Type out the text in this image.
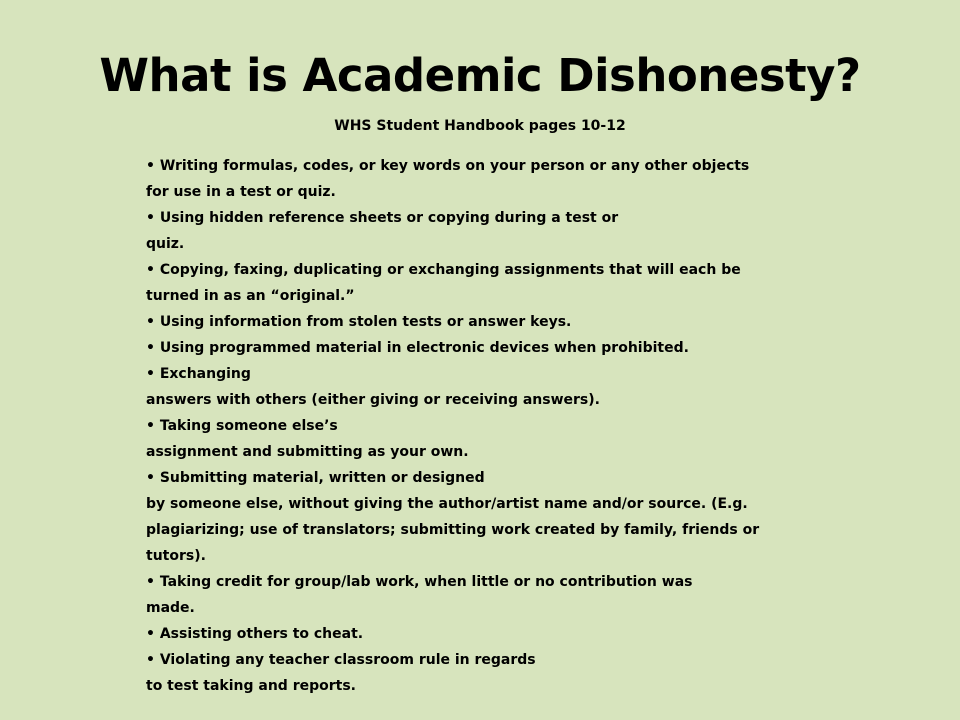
What is Academic Dishonesty?
WHS Student Handbook pages 10-12
• Writing formulas, codes, or key words on your person or any other objects
for use in a test or quiz.
• Using hidden reference sheets or copying during a test or
quiz.
• Copying, faxing, duplicating or exchanging assignments that will each be
turned in as an “original.”
• Using information from stolen tests or answer keys.
• Using programmed material in electronic devices when prohibited.
• Exchanging
answers with others (either giving or receiving answers).
• Taking someone else’s
assignment and submitting as your own.
• Submitting material, written or designed
by someone else, without giving the author/artist name and/or source. (E.g.
plagiarizing; use of translators; submitting work created by family, friends or
tutors).
• Taking credit for group/lab work, when little or no contribution was
made.
• Assisting others to cheat.
• Violating any teacher classroom rule in regards
to test taking and reports.
